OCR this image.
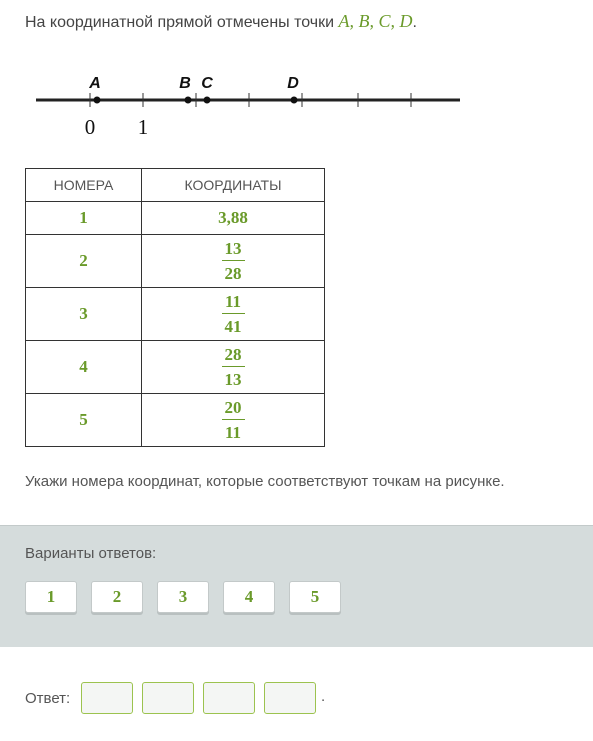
На координатной прямой отмечены точки A, B, C, D.
A	B C	D
0 1
НОМЕРА	КООРДИНАТЫ
1	3,88
2	$\frac{13}{28}$

3	$\frac{11}{41}$

4	$\frac{28}{13}$

5	$\frac{20}{11}$
Укажи номера координат, которые соответствуют точкам на рисунке.
Варианты ответов:
1	2	3	4	5
Ответ:	.
